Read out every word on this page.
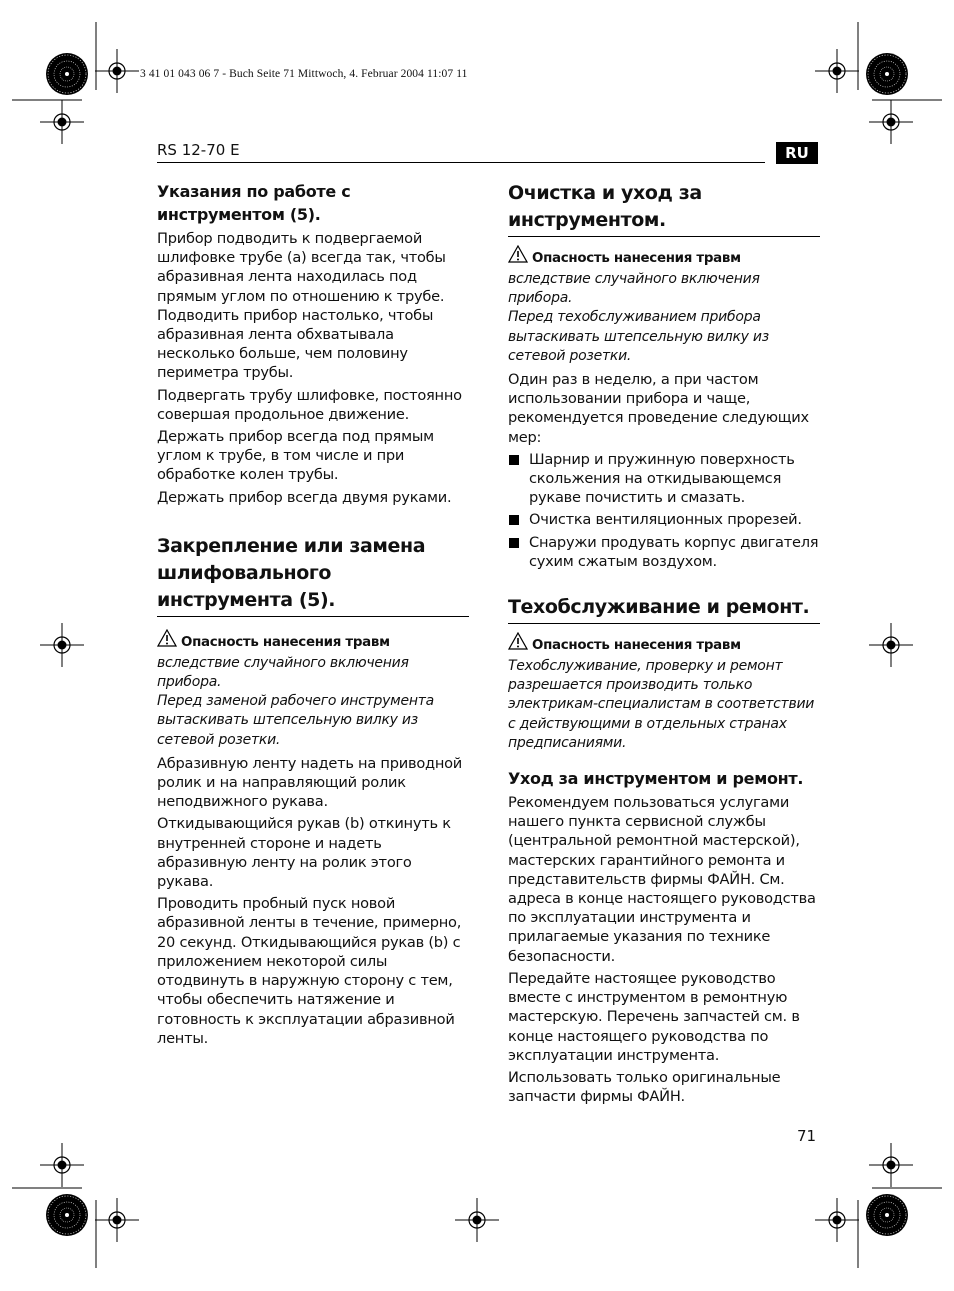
3 41 01 043 06 7 - Buch Seite 71 Mittwoch, 4. Februar 2004 11:07 11
RS 12-70 E	RU
Указания по работе с инструментом (5).

Прибор подводить к подвергаемой шлифовке трубе (a) всегда так, чтобы абразивная лента находилась под прямым углом по отношению к трубе. Подводить прибор настолько, чтобы абразивная лента обхватывала несколько больше, чем половину периметра трубы.

Подвергать трубу шлифовке, постоянно совершая продольное движение.

Держать прибор всегда под прямым углом к трубе, в том числе и при обработке колен трубы.

Держать прибор всегда двумя руками.

Закрепление или замена шлифовального инструмента (5).
Опасность нанесения травм

вследствие случайного включения прибора.

Перед заменой рабочего инструмента вытаскивать штепсельную вилку из сетевой розетки.

Абразивную ленту надеть на приводной ролик и на направляющий ролик неподвижного рукава.

Откидывающийся рукав (b) откинуть к внутренней стороне и надеть абразивную ленту на ролик этого рукава.

Проводить пробный пуск новой абразивной ленты в течение, примерно, 20 секунд. Откидывающийся рукав (b) с приложением некоторой силы отодвинуть в наружную сторону с тем, чтобы обеспечить натяжение и готовность к эксплуатации абразивной ленты.

Очистка и уход за инструментом.
Опасность нанесения травм

вследствие случайного включения прибора.

Перед техобслуживанием прибора вытаскивать штепсельную вилку из сетевой розетки.

Один раз в неделю, а при частом использовании прибора и чаще, рекомендуется проведение следующих мер:

Шарнир и пружинную поверхность скольжения на откидывающемся рукаве почистить и смазать.
Очистка вентиляционных прорезей.
Снаружи продувать корпус двигателя сухим сжатым воздухом.
Техобслуживание и ремонт.
Опасность нанесения травм

Техобслуживание, проверку и ремонт разрешается производить только электрикам-специалистам в соответствии с действующими в отдельных странах предписаниями.

Уход за инструментом и ремонт.

Рекомендуем пользоваться услугами нашего пункта сервисной службы (центральной ремонтной мастерской), мастерских гарантийного ремонта и представительств фирмы ФАЙН. См. адреса в конце настоящего руководства по эксплуатации инструмента и прилагаемые указания по технике безопасности.

Передайте настоящее руководство вместе с инструментом в ремонтную мастерскую. Перечень запчастей см. в конце настоящего руководства по эксплуатации инструмента.

Использовать только оригинальные запчасти фирмы ФАЙН.

71
